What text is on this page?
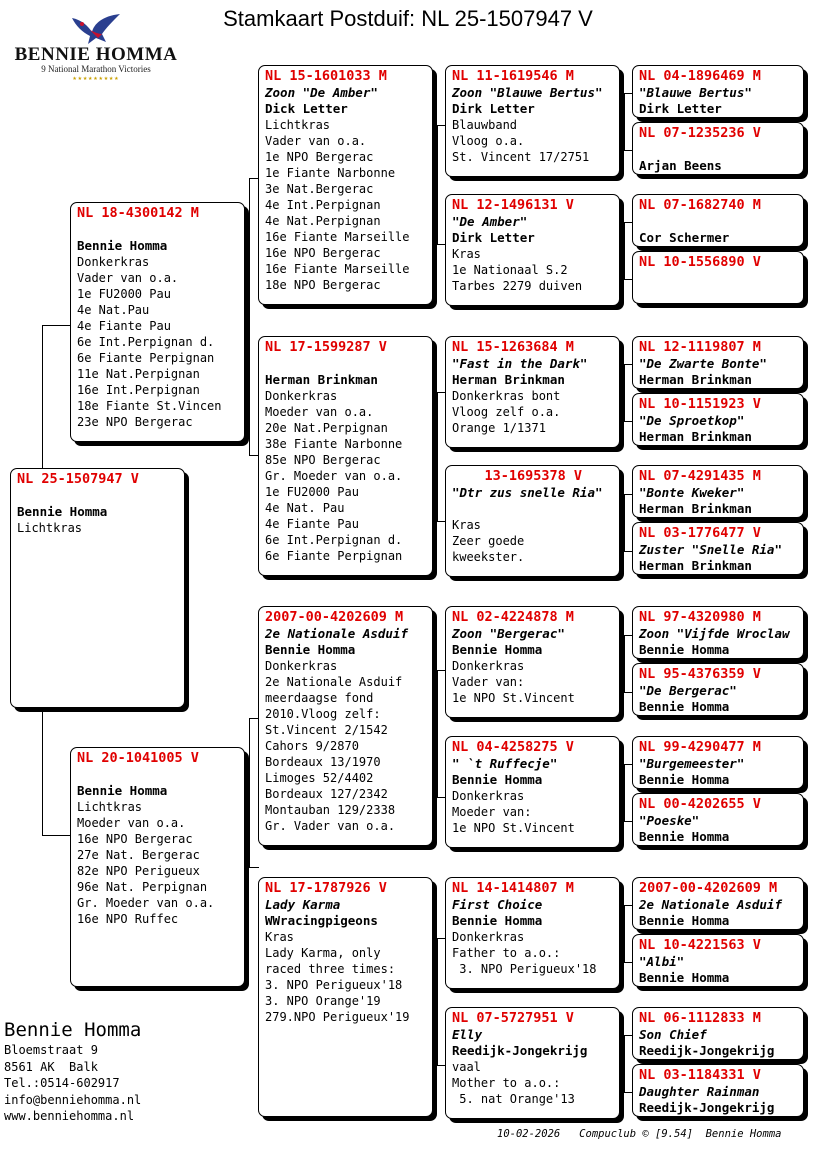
Stamkaart Postduif: NL 25-1507947 V
BENNIE HOMMA
9 National Marathon Victories
★★★★★★★★★
NL 25-1507947 V
Bennie Homma
Lichtkras
NL 18-4300142 M
Bennie Homma
Donkerkras
Vader van o.a.
1e FU2000 Pau
4e Nat.Pau
4e Fiante Pau
6e Int.Perpignan d.
6e Fiante Perpignan
11e Nat.Perpignan
16e Int.Perpignan
18e Fiante St.Vincen
23e NPO Bergerac
NL 20-1041005 V
Bennie Homma
Lichtkras
Moeder van o.a.
16e NPO Bergerac
27e Nat. Bergerac
82e NPO Perigueux
96e Nat. Perpignan
Gr. Moeder van o.a.
16e NPO Ruffec
NL 15-1601033 M
Zoon "De Amber"
Dick Letter
Lichtkras
Vader van o.a.
1e NPO Bergerac
1e Fiante Narbonne
3e Nat.Bergerac
4e Int.Perpignan
4e Nat.Perpignan
16e Fiante Marseille
16e NPO Bergerac
16e Fiante Marseille
18e NPO Bergerac
NL 17-1599287 V
Herman Brinkman
Donkerkras
Moeder van o.a.
20e Nat.Perpignan
38e Fiante Narbonne
85e NPO Bergerac
Gr. Moeder van o.a.
1e FU2000 Pau
4e Nat. Pau
4e Fiante Pau
6e Int.Perpignan d.
6e Fiante Perpignan
2007-00-4202609 M
2e Nationale Asduif
Bennie Homma
Donkerkras
2e Nationale Asduif
meerdaagse fond
2010.Vloog zelf:
St.Vincent 2/1542
Cahors 9/2870
Bordeaux 13/1970
Limoges 52/4402
Bordeaux 127/2342
Montauban 129/2338
Gr. Vader van o.a.
NL 17-1787926 V
Lady Karma
WWracingpigeons
Kras
Lady Karma, only
raced three times:
3. NPO Perigueux'18
3. NPO Orange'19
279.NPO Perigueux'19
NL 11-1619546 M
Zoon "Blauwe Bertus"
Dirk Letter
Blauwband
Vloog o.a.
St. Vincent 17/2751
NL 12-1496131 V
"De Amber"
Dirk Letter
Kras
1e Nationaal S.2
Tarbes 2279 duiven
NL 15-1263684 M
"Fast in the Dark"
Herman Brinkman
Donkerkras bont
Vloog zelf o.a.
Orange 1/1371
13-1695378 V
"Dtr zus snelle Ria"
Kras
Zeer goede
kweekster.
NL 02-4224878 M
Zoon "Bergerac"
Bennie Homma
Donkerkras
Vader van:
1e NPO St.Vincent
NL 04-4258275 V
" `t Ruffecje"
Bennie Homma
Donkerkras
Moeder van:
1e NPO St.Vincent
NL 14-1414807 M
First Choice
Bennie Homma
Donkerkras
Father to a.o.:
3. NPO Perigueux'18
NL 07-5727951 V
Elly
Reedijk-Jongekrijg
vaal
Mother to a.o.:
5. nat Orange'13
NL 04-1896469 M
"Blauwe Bertus"
Dirk Letter
NL 07-1235236 V
Arjan Beens
NL 07-1682740 M
Cor Schermer
NL 10-1556890 V
NL 12-1119807 M
"De Zwarte Bonte"
Herman Brinkman
NL 10-1151923 V
"De Sproetkop"
Herman Brinkman
NL 07-4291435 M
"Bonte Kweker"
Herman Brinkman
NL 03-1776477 V
Zuster "Snelle Ria"
Herman Brinkman
NL 97-4320980 M
Zoon "Vijfde Wroclaw
Bennie Homma
NL 95-4376359 V
"De Bergerac"
Bennie Homma
NL 99-4290477 M
"Burgemeester"
Bennie Homma
NL 00-4202655 V
"Poeske"
Bennie Homma
2007-00-4202609 M
2e Nationale Asduif
Bennie Homma
NL 10-4221563 V
"Albi"
Bennie Homma
NL 06-1112833 M
Son Chief
Reedijk-Jongekrijg
NL 03-1184331 V
Daughter Rainman
Reedijk-Jongekrijg
Bennie Homma
Bloemstraat 9
8561 AK  Balk
Tel.:0514-602917
info@benniehomma.nl
www.benniehomma.nl
10-02-2026   Compuclub © [9.54]  Bennie Homma
